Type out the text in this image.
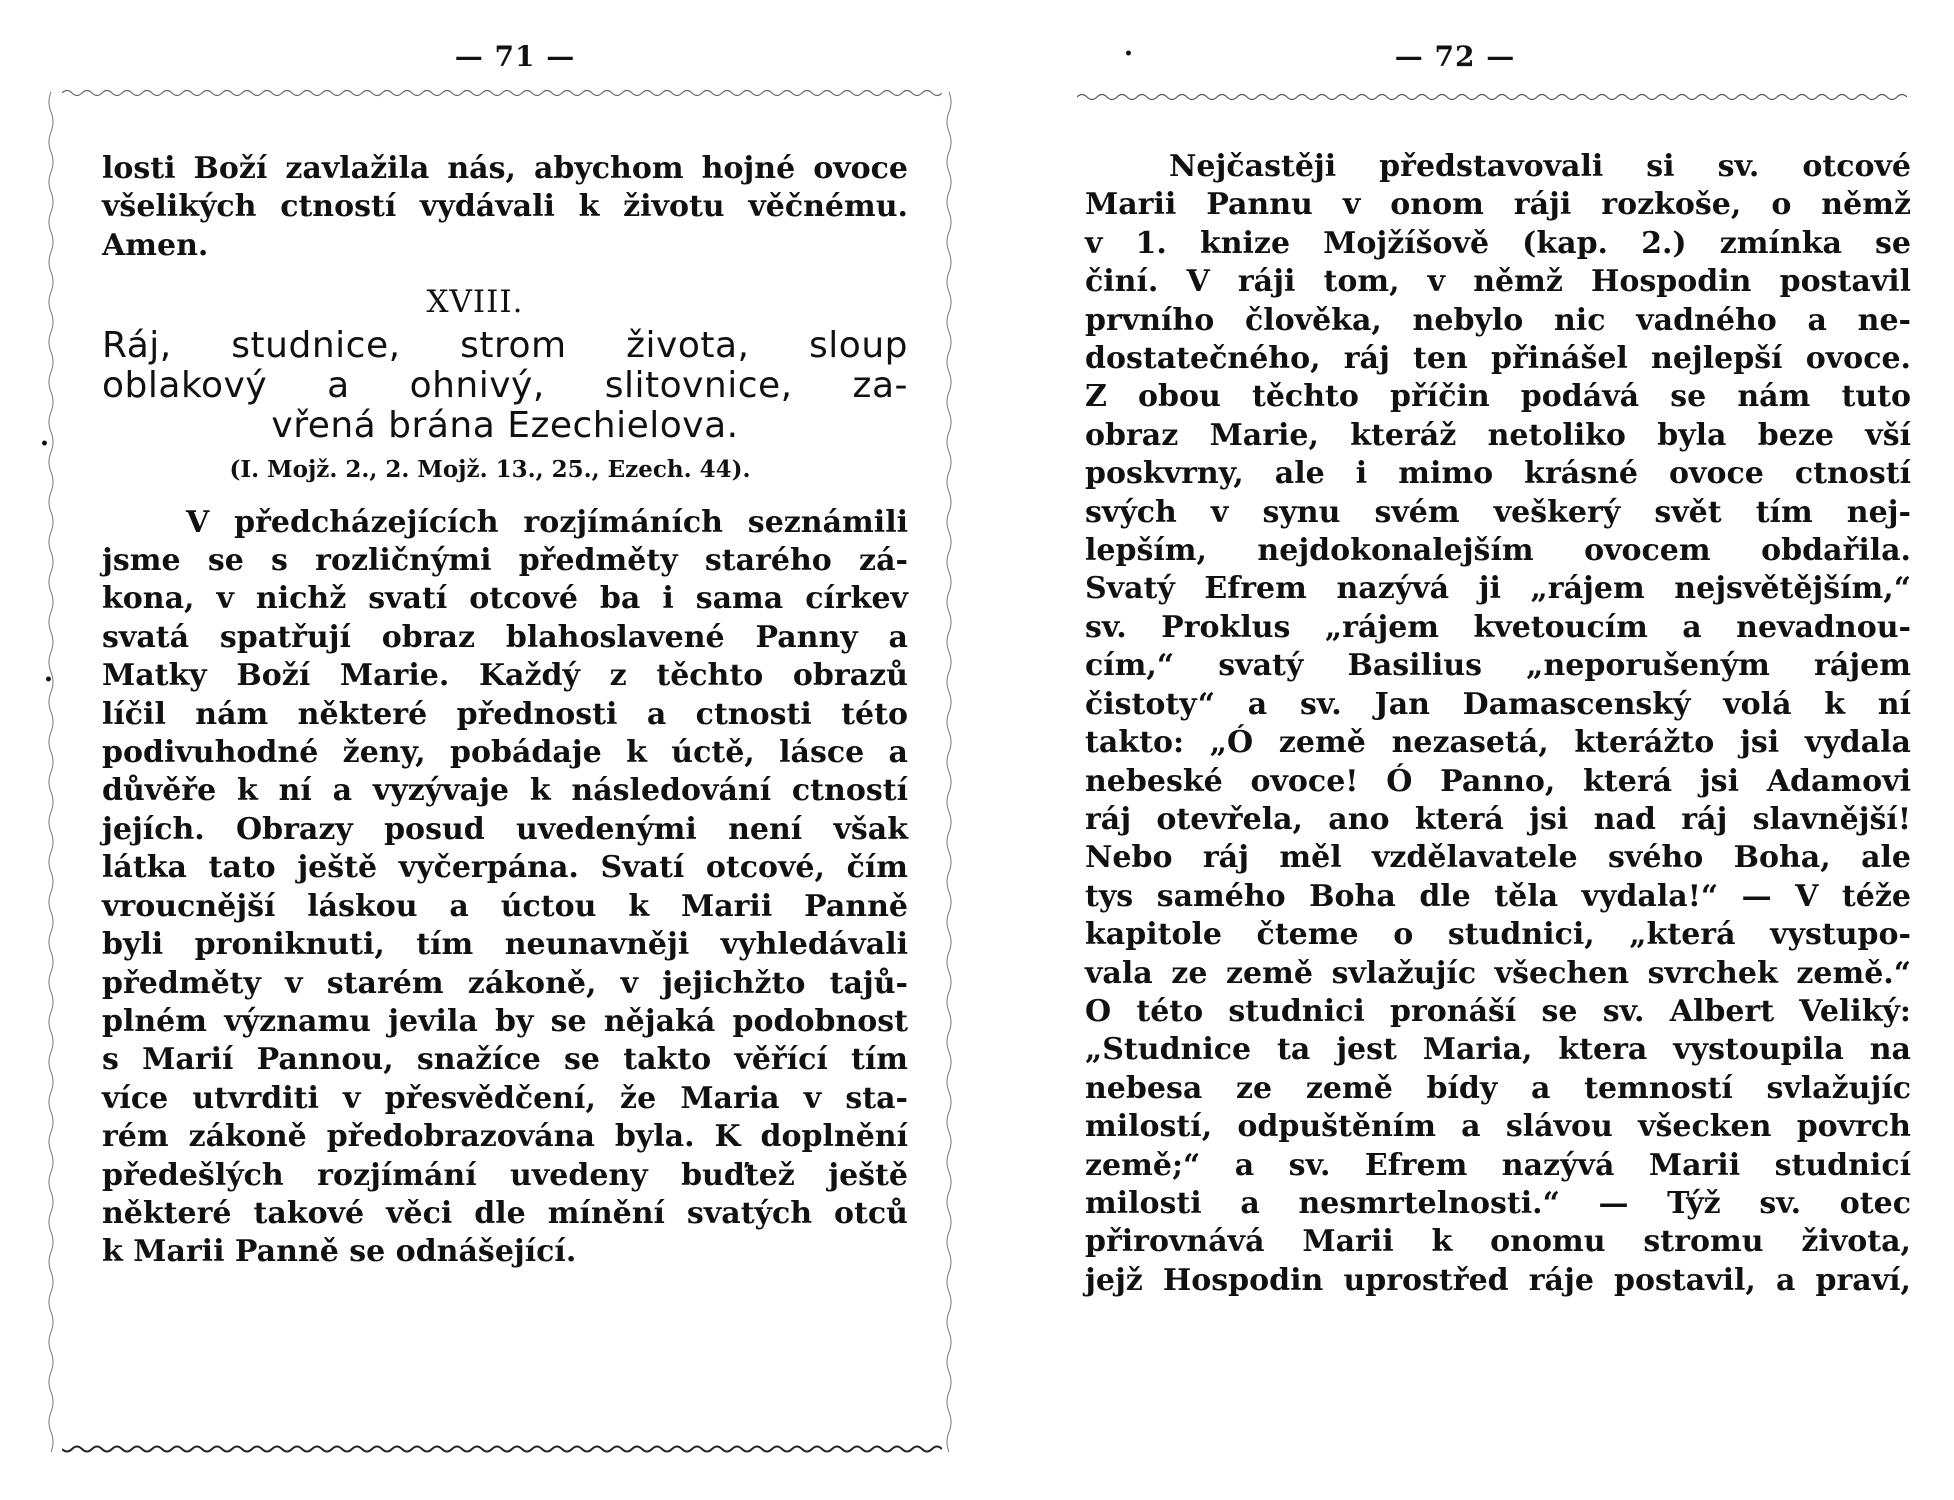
— 71 —
•
•
losti Boží zavlažila nás, abychom hojné ovoce
všelikých ctností vydávali k životu věčnému.
Amen.
XVIII.
Ráj, studnice, strom života, sloup
oblakový a ohnivý, slitovnice, za-
vřená brána Ezechielova.
(I. Mojž. 2., 2. Mojž. 13., 25., Ezech. 44).
V předcházejících rozjímáních seznámili
jsme se s rozličnými předměty starého zá-
kona, v nichž svatí otcové ba i sama církev
svatá spatřují obraz blahoslavené Panny a
Matky Boží Marie. Každý z těchto obrazů
líčil nám některé přednosti a ctnosti této
podivuhodné ženy, pobádaje k úctě, lásce a
důvěře k ní a vyzývaje k následování ctností
jejích. Obrazy posud uvedenými není však
látka tato ještě vyčerpána. Svatí otcové, čím
vroucnější láskou a úctou k Marii Panně
byli proniknuti, tím neunavněji vyhledávali
předměty v starém zákoně, v jejichžto tajů-
plném významu jevila by se nějaká podobnost
s Marií Pannou, snažíce se takto věřící tím
více utvrditi v přesvědčení, že Maria v sta-
rém zákoně předobrazována byla. K doplnění
předešlých rozjímání uvedeny buďtež ještě
některé takové věci dle mínění svatých otců
k Marii Panně se odnášející.
•	— 72 —
Nejčastěji představovali si sv. otcové
Marii Pannu v onom ráji rozkoše, o němž
v 1. knize Mojžíšově (kap. 2.) zmínka se
činí. V ráji tom, v němž Hospodin postavil
prvního člověka, nebylo nic vadného a ne-
dostatečného, ráj ten přinášel nejlepší ovoce.
Z obou těchto příčin podává se nám tuto
obraz Marie, kteráž netoliko byla beze vší
poskvrny, ale i mimo krásné ovoce ctností
svých v synu svém veškerý svět tím nej-
lepším, nejdokonalejším ovocem obdařila.
Svatý Efrem nazývá ji „rájem nejsvětějším,“
sv. Proklus „rájem kvetoucím a nevadnou-
cím,“ svatý Basilius „neporušeným rájem
čistoty“ a sv. Jan Damascenský volá k ní
takto: „Ó země nezasetá, kterážto jsi vydala
nebeské ovoce! Ó Panno, která jsi Adamovi
ráj otevřela, ano která jsi nad ráj slavnější!
Nebo ráj měl vzdělavatele svého Boha, ale
tys samého Boha dle těla vydala!“ — V téže
kapitole čteme o studnici, „která vystupo-
vala ze země svlažujíc všechen svrchek země.“
O této studnici pronáší se sv. Albert Veliký:
„Studnice ta jest Maria, ktera vystoupila na
nebesa ze země bídy a temností svlažujíc
milostí, odpuštěním a slávou všecken povrch
země;“ a sv. Efrem nazývá Marii studnicí
milosti a nesmrtelnosti.“ — Týž sv. otec
přirovnává Marii k onomu stromu života,
jejž Hospodin uprostřed ráje postavil, a praví,
